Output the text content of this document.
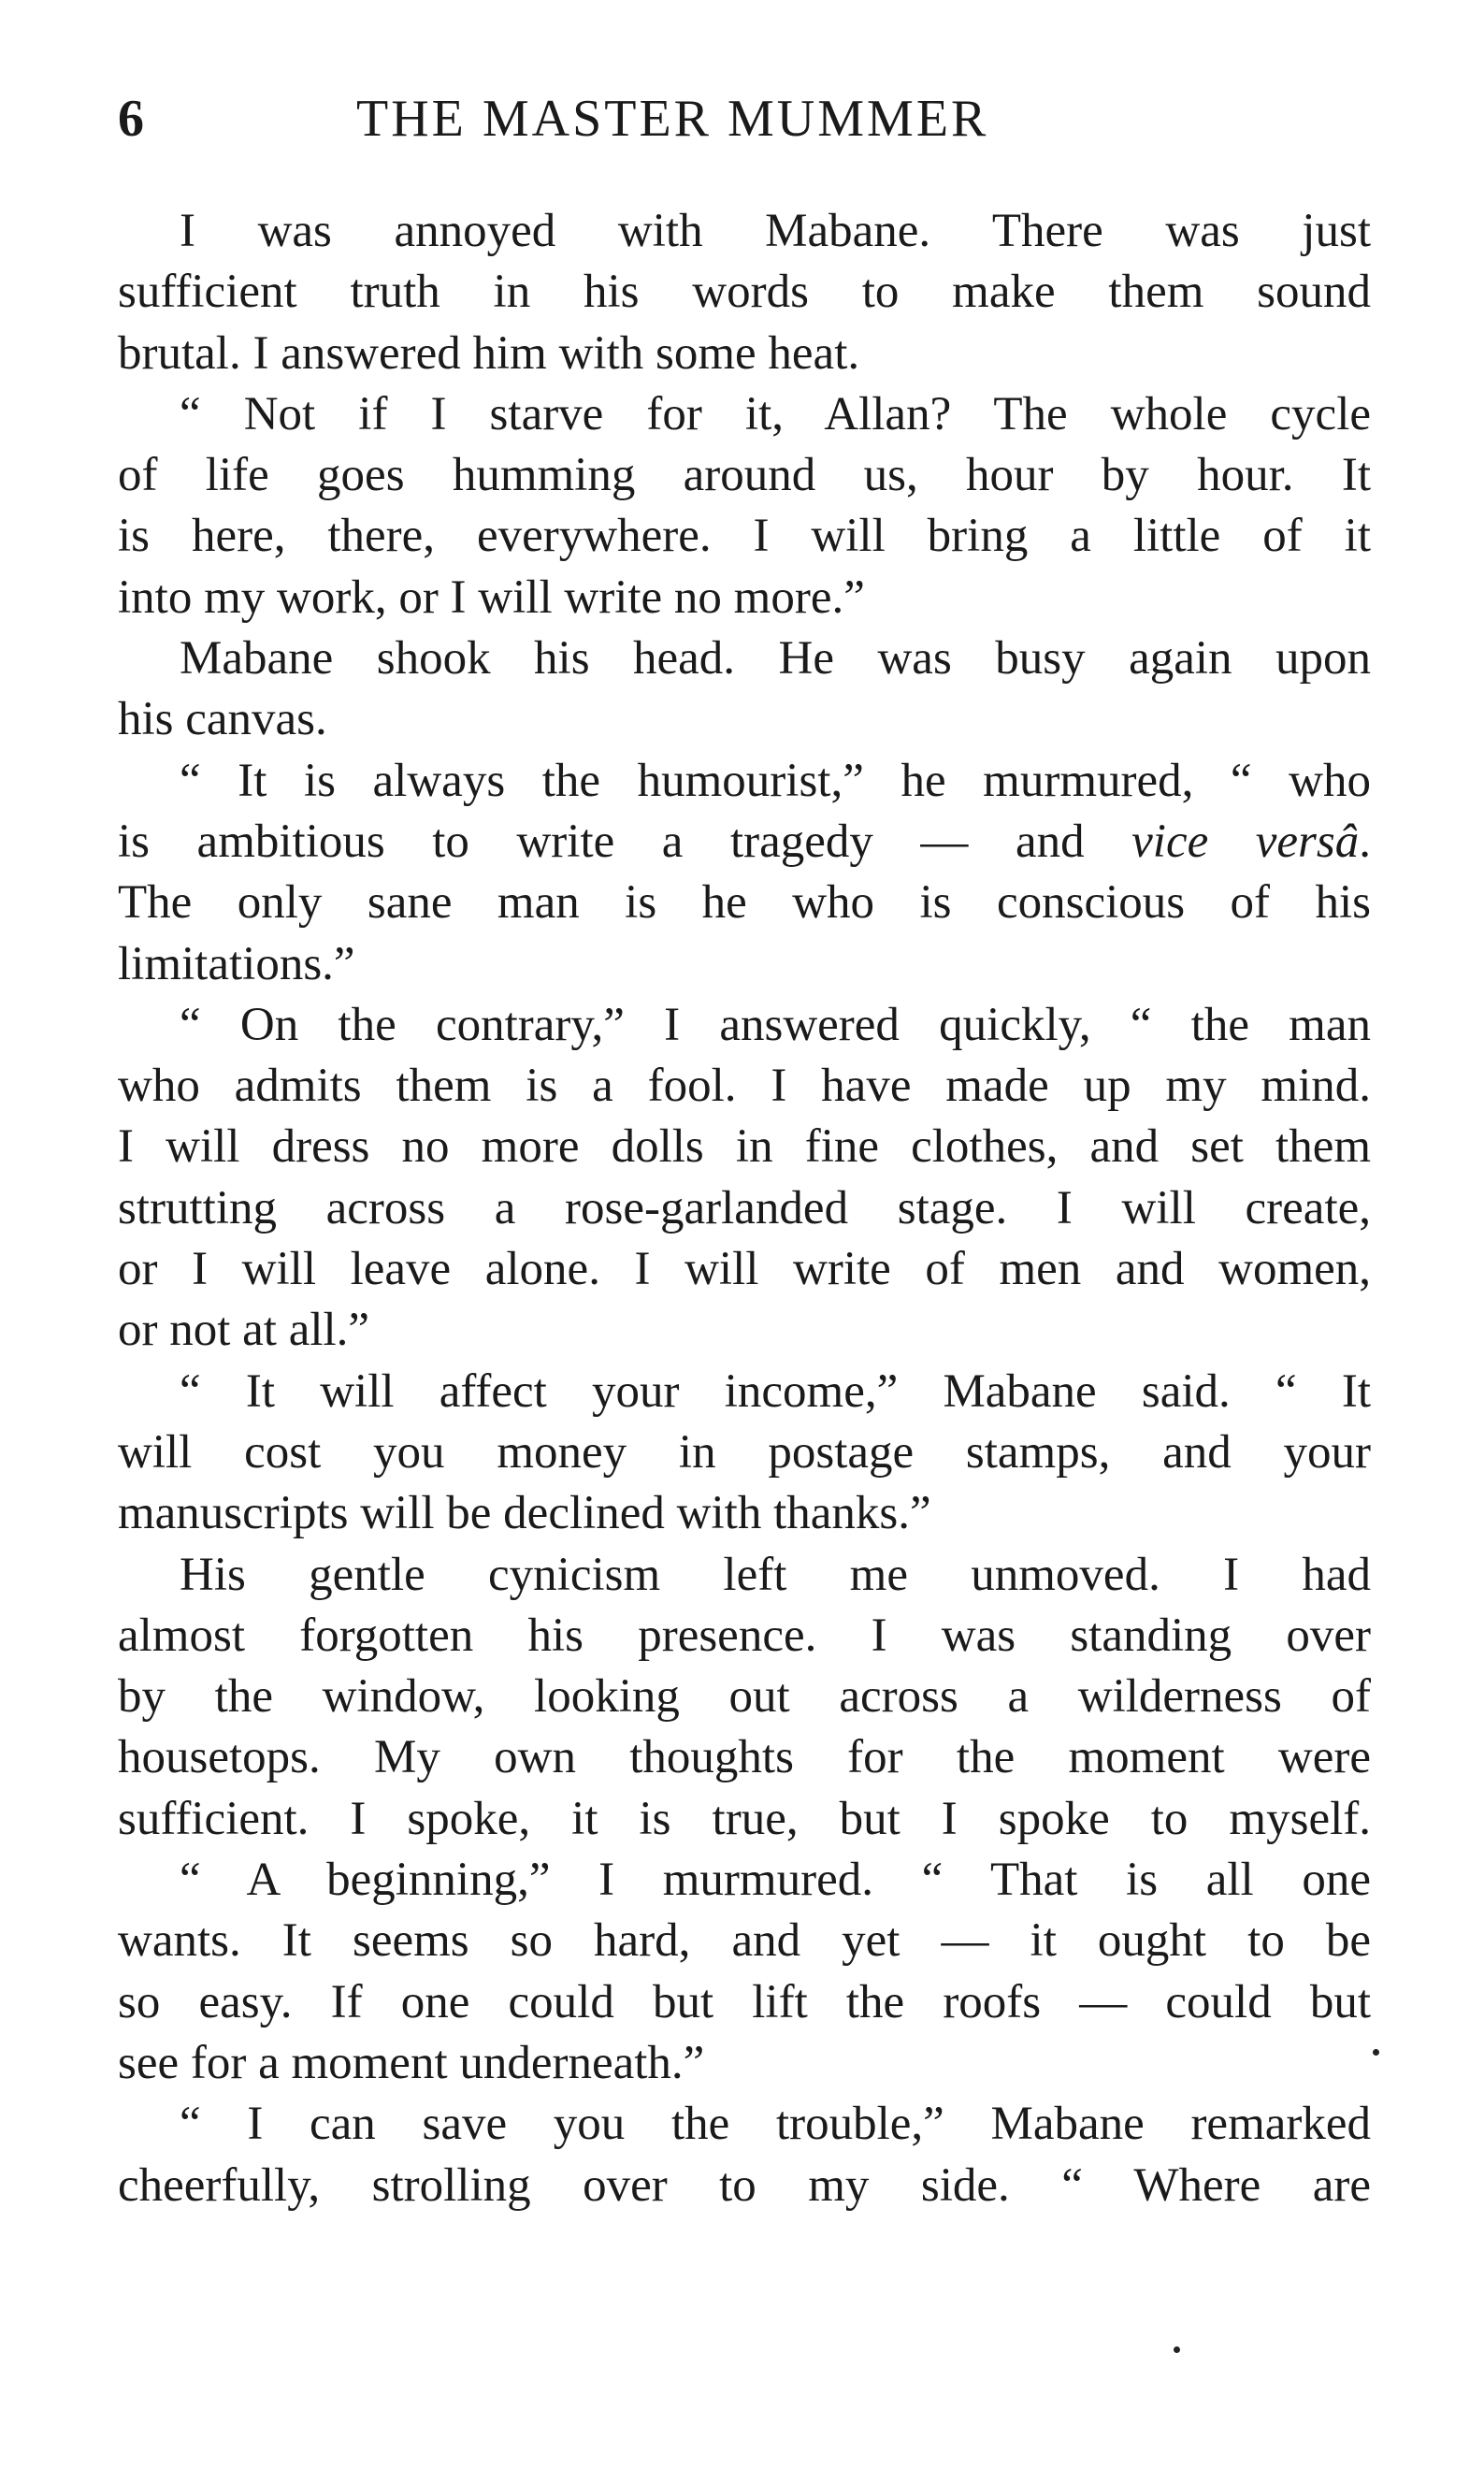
6	THE MASTER MUMMER
I was annoyed with Mabane. There was just
sufficient truth in his words to make them sound
brutal. I answered him with some heat.
“ Not if I starve for it, Allan? The whole cycle
of life goes humming around us, hour by hour. It
is here, there, everywhere. I will bring a little of it
into my work, or I will write no more.”
Mabane shook his head. He was busy again upon
his canvas.
“ It is always the humourist,” he murmured, “ who
is ambitious to write a tragedy — and vice versâ.
The only sane man is he who is conscious of his
limitations.”
“ On the contrary,” I answered quickly, “ the man
who admits them is a fool. I have made up my mind.
I will dress no more dolls in fine clothes, and set them
strutting across a rose-garlanded stage. I will create,
or I will leave alone. I will write of men and women,
or not at all.”
“ It will affect your income,” Mabane said. “ It
will cost you money in postage stamps, and your
manuscripts will be declined with thanks.”
His gentle cynicism left me unmoved. I had
almost forgotten his presence. I was standing over
by the window, looking out across a wilderness of
housetops. My own thoughts for the moment were
sufficient. I spoke, it is true, but I spoke to myself.
“ A beginning,” I murmured. “ That is all one
wants. It seems so hard, and yet — it ought to be
so easy. If one could but lift the roofs — could but
see for a moment underneath.”
“ I can save you the trouble,” Mabane remarked
cheerfully, strolling over to my side. “ Where are
